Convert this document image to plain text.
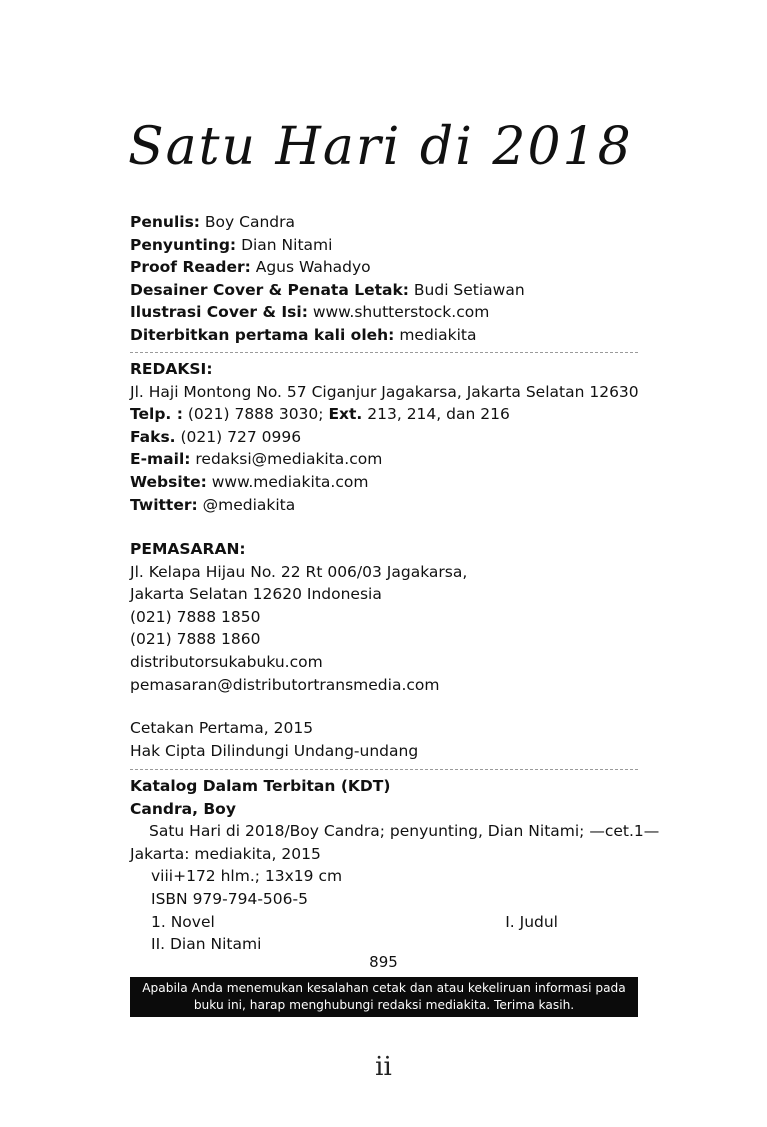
Satu Hari di 2018
Penulis: Boy Candra
Penyunting: Dian Nitami
Proof Reader: Agus Wahadyo
Desainer Cover & Penata Letak: Budi Setiawan
Ilustrasi Cover & Isi: www.shutterstock.com
Diterbitkan pertama kali oleh: mediakita
REDAKSI:
Jl. Haji Montong No. 57 Ciganjur Jagakarsa, Jakarta Selatan 12630
Telp. : (021) 7888 3030; Ext. 213, 214, dan 216
Faks. (021) 727 0996
E-mail: redaksi@mediakita.com
Website: www.mediakita.com
Twitter: @mediakita
PEMASARAN:
Jl. Kelapa Hijau No. 22 Rt 006/03 Jagakarsa,
Jakarta Selatan 12620 Indonesia
(021) 7888 1850
(021) 7888 1860
distributorsukabuku.com
pemasaran@distributortransmedia.com
Cetakan Pertama, 2015
Hak Cipta Dilindungi Undang-undang
Katalog Dalam Terbitan (KDT)
Candra, Boy
Satu Hari di 2018/Boy Candra; penyunting, Dian Nitami; —cet.1—
Jakarta: mediakita, 2015
viii+172 hlm.; 13x19 cm
ISBN 979-794-506-5
1. Novel	I. Judul
II. Dian Nitami
895
Apabila Anda menemukan kesalahan cetak dan atau kekeliruan informasi pada
buku ini, harap menghubungi redaksi mediakita. Terima kasih.
ii
